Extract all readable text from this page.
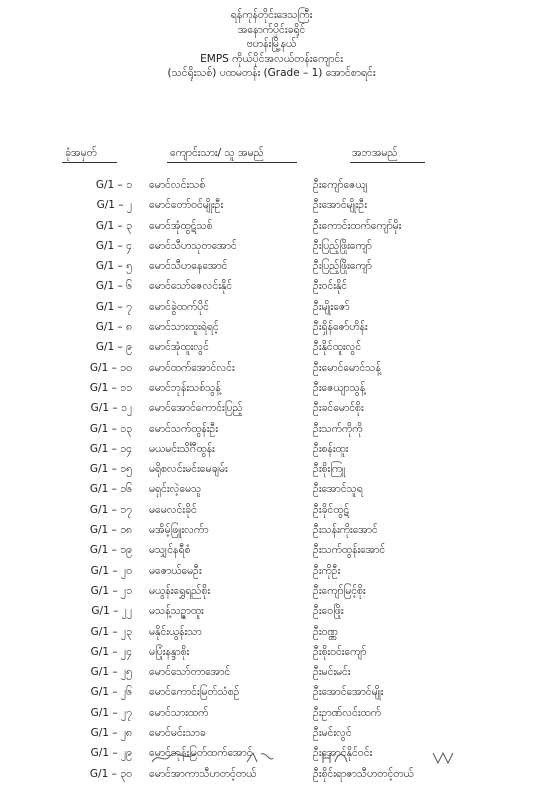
ရန်ကုန်တိုင်းဒေသကြီး
အနောက်ပိုင်းခရိုင်
ဗဟန်းမြို့နယ်
EMPS ကိုယ်ပိုင်အလယ်တန်းကျောင်း
(သင်ရိုးသစ်) ပထမတန်း (Grade – 1) အောင်စာရင်း
ခုံအမှတ်	ကျောင်းသား/ သူ အမည်	အဘအမည်
G/1 – ၁ မောင်လင်းသစ်	ဦးကျော်ဇေယျ
G/1 – ၂ မောင်တော်ဝင်မျိုးဦး	ဦးအောင်မျိုးဦး
G/1 – ၃ မောင်အုံထွဋ်သစ်	ဦးကောင်းထက်ကျော်မိုး
G/1 – ၄ မောင်သီဟသုတအောင်	ဦးပြည့်ဖြိုးကျော်
G/1 – ၅ မောင်သီဟနေအောင်	ဦးပြည့်ဖြိုးကျော်
G/1 – ၆ မောင်သော်ဇေလင်းနိုင်	ဦးဝင်းနိုင်
G/1 – ၇ မောင်ခွဲထက်ပိုင်	ဦးမျိုးဇော်
G/1 – ၈ မောင်သားထူးရဲရင့်	ဦးရှိန်ဇော်ဟိန်း
G/1 – ၉ မောင်အုံထူးလွင်	ဦးနိုင်ထူးလွင်
G/1 – ၁၀ မောင်ထက်အောင်လင်း	ဦးမောင်မောင်သန့်
G/1 – ၁၁ မောင်ဘုန်းသစ်သွန့်	ဦးဇေယျာသွန့်
G/1 – ၁၂ မောင်အောင်ကောင်းပြည့်	ဦးခင်မောင်စိုး
G/1 – ၁၃ မောင်သက်ထွန်းဦး	ဦးသက်ကိုကို
G/1 – ၁၄ မယမင်းသိင်္ဂီထွန်း	ဦးစန်းထူး
G/1 – ၁၅ မရိုစလင်းမင်းမေချမ်း	ဦးစိုးကြူ
G/1 – ၁၆ မရှင်းလဲ့မေသူ	ဦးအောင်သူရ
G/1 – ၁၇ မမေလင်းခိုင်	ဦးခိုင်ထွဋ်
G/1 – ၁၈ မအိမ့်ဖြူးလက်ာ	ဦးသန်းကိုးအောင်
G/1 – ၁၉ မသျှင်နရီစံ	ဦးသက်ထွန်းအောင်
G/1 – ၂၀ မဇောယ်မေဦး	ဦးကိုဦး
G/1 – ၂၁ မယွန်းရွှေရည်စိုး	ဦးကျော်မြင့်စိုး
G/1 – ၂၂ မသန့်သဥ္ဇာထူး	ဦးဝေဖြိုး
G/1 – ၂၃ မနိုင်းယွန်းသာ	ဦးဝဏ္ဏ
G/1 – ၂၄ မပြုံးနန္ဒာစိုး	ဦးစိုးဝင်းကျော်
G/1 – ၂၅ မောင်သော်တာအောင်	ဦးမင်းမင်း
G/1 – ၂၆ မောင်ကောင်းမြတ်သံစဉ်	ဦးအောင်အောင်မျိုး
G/1 – ၂၇ မောင်သားထက်	ဦးဥာဏ်လင်းထက်
G/1 – ၂၈ မောင်မင်းသာခ	ဦးမင်းလွင်
G/1 – ၂၉ မောင်ဘုန်းမြတ်ထက်အောင်	ဦးအောင်နိုင်ဝင်း
G/1 – ၃၀ မောင်အာကာသီဟတင့်တယ်	ဦးစိုင်းရာဇာသီဟတင့်တယ်
